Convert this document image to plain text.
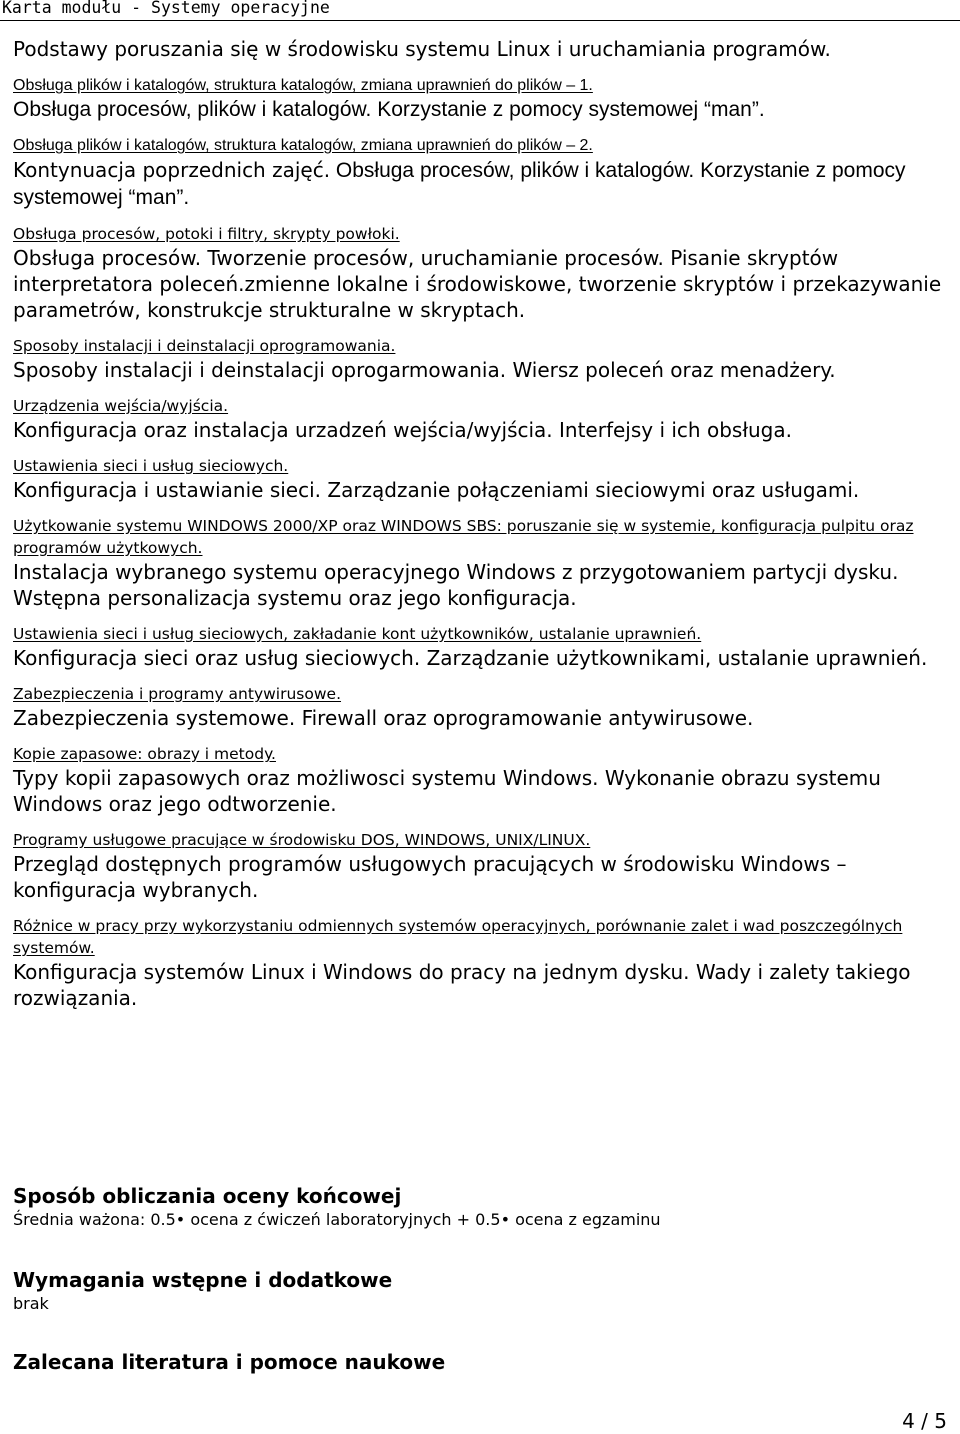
Karta modułu - Systemy operacyjne

Podstawy poruszania się w środowisku systemu Linux i uruchamiania programów.

Obsługa plików i katalogów, struktura katalogów, zmiana uprawnień do plików – 1.
Obsługa procesów, plików i katalogów. Korzystanie z pomocy systemowej “man”.
Obsługa plików i katalogów, struktura katalogów, zmiana uprawnień do plików – 2.
Kontynuacja poprzednich zajęć. Obsługa procesów, plików i katalogów. Korzystanie z pomocy systemowej “man”.
Obsługa procesów, potoki i filtry, skrypty powłoki.
Obsługa procesów. Tworzenie procesów, uruchamianie procesów. Pisanie skryptów interpretatora poleceń.zmienne lokalne i środowiskowe, tworzenie skryptów i przekazywanie parametrów, konstrukcje strukturalne w skryptach.
Sposoby instalacji i deinstalacji oprogramowania.
Sposoby instalacji i deinstalacji oprogarmowania. Wiersz poleceń oraz menadżery.
Urządzenia wejścia/wyjścia.
Konfiguracja oraz instalacja urzadzeń wejścia/wyjścia. Interfejsy i ich obsługa.
Ustawienia sieci i usług sieciowych.
Konfiguracja i ustawianie sieci. Zarządzanie połączeniami sieciowymi oraz usługami.
Użytkowanie systemu WINDOWS 2000/XP oraz WINDOWS SBS: poruszanie się w systemie, konfiguracja pulpitu oraz programów użytkowych.
Instalacja wybranego systemu operacyjnego Windows z przygotowaniem partycji dysku. Wstępna personalizacja systemu oraz jego konfiguracja.
Ustawienia sieci i usług sieciowych, zakładanie kont użytkowników, ustalanie uprawnień.
Konfiguracja sieci oraz usług sieciowych. Zarządzanie użytkownikami, ustalanie uprawnień.
Zabezpieczenia i programy antywirusowe.
Zabezpieczenia systemowe. Firewall oraz oprogramowanie antywirusowe.
Kopie zapasowe: obrazy i metody.
Typy kopii zapasowych oraz możliwosci systemu Windows. Wykonanie obrazu systemu Windows oraz jego odtworzenie.
Programy usługowe pracujące w środowisku DOS, WINDOWS, UNIX/LINUX.
Przegląd dostępnych programów usługowych pracujących w środowisku Windows – konfiguracja wybranych.
Różnice w pracy przy wykorzystaniu odmiennych systemów operacyjnych, porównanie zalet i wad poszczególnych systemów.
Konfiguracja systemów Linux i Windows do pracy na jednym dysku. Wady i zalety takiego rozwiązania.
Sposób obliczania oceny końcowej
Średnia ważona: 0.5• ocena z ćwiczeń laboratoryjnych + 0.5• ocena z egzaminu
Wymagania wstępne i dodatkowe
brak
Zalecana literatura i pomoce naukowe
4 / 5
